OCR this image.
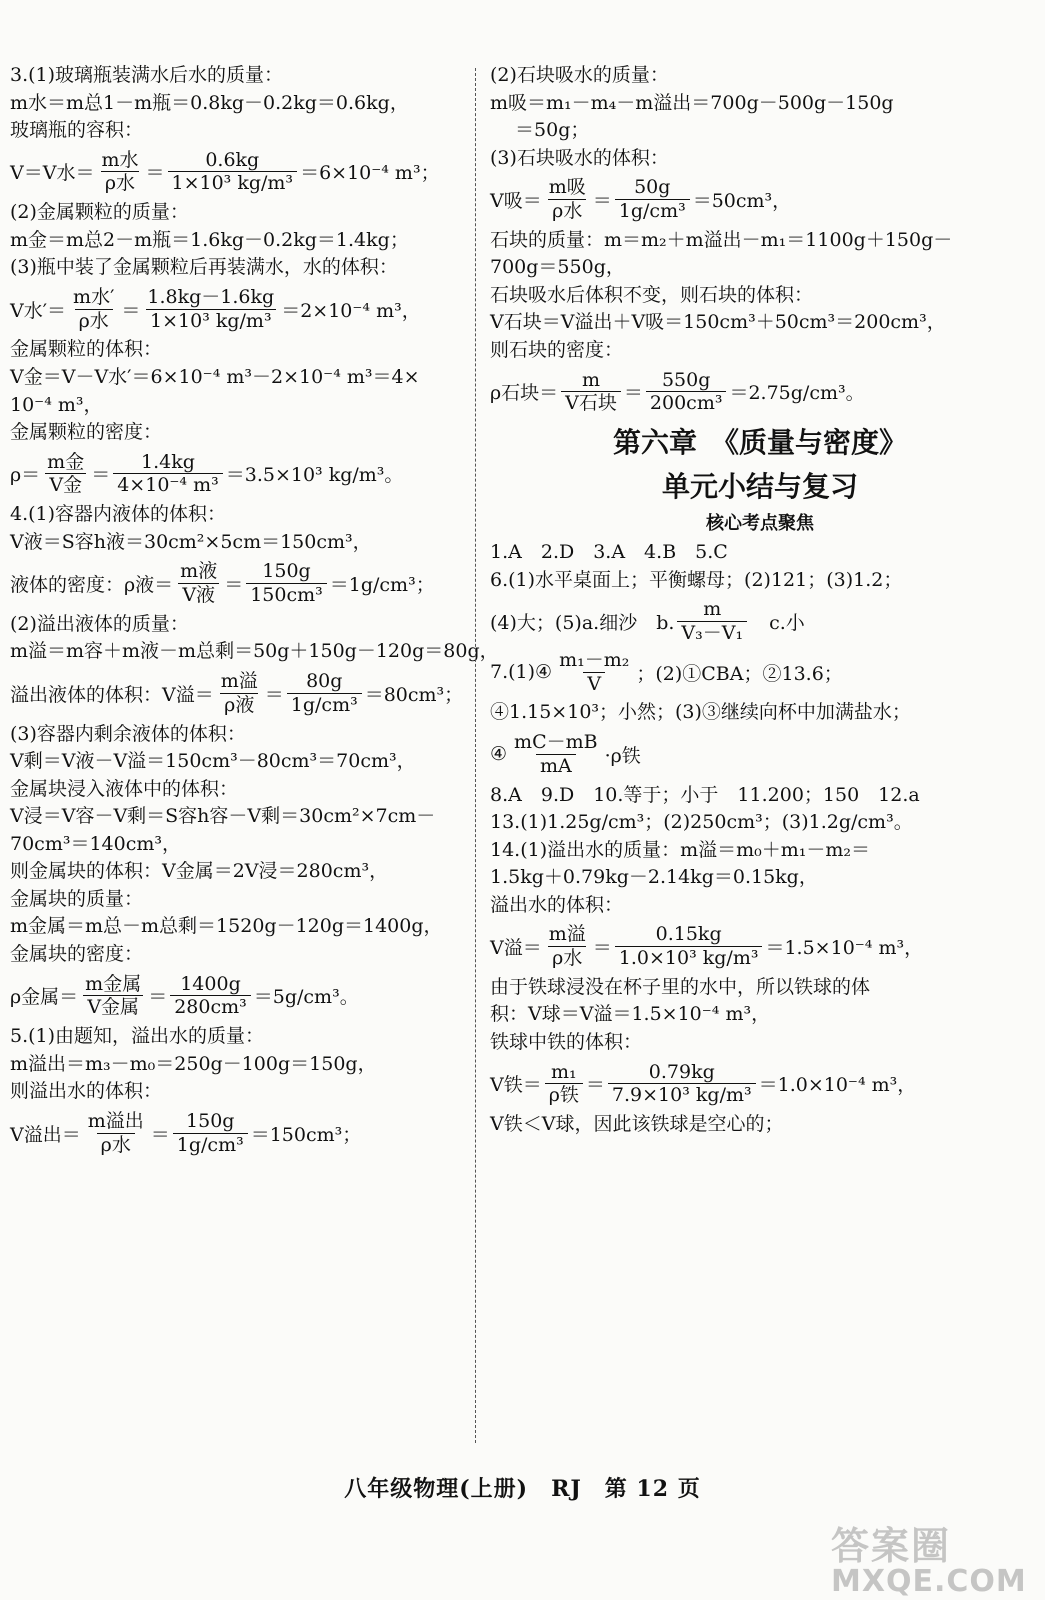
3.(1)玻璃瓶装满水后水的质量：
m水＝m总1－m瓶＝0.8kg－0.2kg＝0.6kg，
玻璃瓶的容积：
V＝V水＝ $\frac{\text{m水}}{\text{ρ水}} = \frac{0.6kg}{\text{1×10³ kg/m³}} =6\times 10^{-4}$ m³；
(2)金属颗粒的质量：
m金＝m总2－m瓶＝1.6kg－0.2kg＝1.4kg；
(3)瓶中装了金属颗粒后再装满水，水的体积：
V水′＝ $\frac{\text{m水′}}{\text{ρ水}} = \frac{1.8kg-1.6kg}{\text{1×10³ kg/m³}} =2\times 10^{-4}$ m³，
金属颗粒的体积：
V金＝V－V水′＝6×10⁻⁴ m³－2×10⁻⁴ m³＝4×
10⁻⁴ m³，
金属颗粒的密度：
$\rho= \frac{\text{m金}}{\text{V金}} = \frac{1.4kg}{\text{4×10⁻⁴ m³}} =3.5\times 10^3$ kg/m³。
4.(1)容器内液体的体积：
V液＝S容h液＝30cm²×5cm＝150cm³，
液体的密度：ρ液＝ $\frac{\text{m液}}{\text{V液}} = \frac{150g}{\text{150cm³}} =1g/cm^3$；
(2)溢出液体的质量：
m溢＝m容＋m液－m总剩＝50g＋150g－120g＝80g，
溢出液体的体积：V溢＝ $\frac{\text{m溢}}{\text{ρ液}} = \frac{80g}{\text{1g/cm³}} =80cm^3$；
(3)容器内剩余液体的体积：
V剩＝V液－V溢＝150cm³－80cm³＝70cm³，
金属块浸入液体中的体积：
V浸＝V容－V剩＝S容h容－V剩＝30cm²×7cm－
70cm³＝140cm³，
则金属块的体积：V金属＝2V浸＝280cm³，
金属块的质量：
m金属＝m总－m总剩＝1520g－120g＝1400g，
金属块的密度：
ρ金属＝ $\frac{\text{m金属}}{\text{V金属}} = \frac{1400g}{\text{280cm³}} =5g/cm^3$。
5.(1)由题知，溢出水的质量：
m溢出＝m₃－m₀＝250g－100g＝150g，
则溢出水的体积：
V溢出＝ $\frac{\text{m溢出}}{\text{ρ水}} = \frac{150g}{\text{1g/cm³}} =150cm^3$；
(2)石块吸水的质量：
m吸＝m₁－m₄－m溢出＝700g－500g－150g
　 ＝50g；
(3)石块吸水的体积：
V吸＝ $\frac{\text{m吸}}{\text{ρ水}} = \frac{50g}{\text{1g/cm³}} =50cm^3$，
石块的质量：m＝m₂＋m溢出－m₁＝1100g＋150g－
700g＝550g，
石块吸水后体积不变，则石块的体积：
V石块＝V溢出＋V吸＝150cm³＋50cm³＝200cm³，
则石块的密度：
ρ石块＝ $\frac{m}{\text{V石块}} = \frac{550g}{\text{200cm³}} =2.75g/cm^3$。
第六章　《质量与密度》
单元小结与复习
核心考点聚焦
1.A　2.D　3.A　4.B　5.C
6.(1)水平桌面上；平衡螺母；(2)121；(3)1.2；
(4)大；(5)a.细沙　b. $\frac{m}{\text{V₃－V₁}}$ 　c.小
7.(1)④ $\frac{\text{m₁－m₂}}{V}$ ；(2)①CBA；②13.6；
④1.15×10³；小然；(3)③继续向杯中加满盐水；
④ $\frac{mC-mB}{mA} \cdot\rho$铁
8.A　9.D　10.等于；小于　11.200；150　12.a
13.(1)1.25g/cm³；(2)250cm³；(3)1.2g/cm³。
14.(1)溢出水的质量：m溢＝m₀＋m₁－m₂＝
1.5kg＋0.79kg－2.14kg＝0.15kg，
溢出水的体积：
V溢＝ $\frac{\text{m溢}}{\text{ρ水}} = \frac{0.15kg}{\text{1.0×10³ kg/m³}} =1.5\times 10^{-4}$ m³，
由于铁球浸没在杯子里的水中，所以铁球的体
积：V球＝V溢＝1.5×10⁻⁴ m³，
铁球中铁的体积：
V铁＝ $\frac{\text{m₁}}{\text{ρ铁}} = \frac{0.79kg}{\text{7.9×10³ kg/m³}} =1.0\times 10^{-4}$ m³，
V铁＜V球，因此该铁球是空心的；
八年级物理(上册)　RJ　第 12 页
答案圈
MXQE.COM
